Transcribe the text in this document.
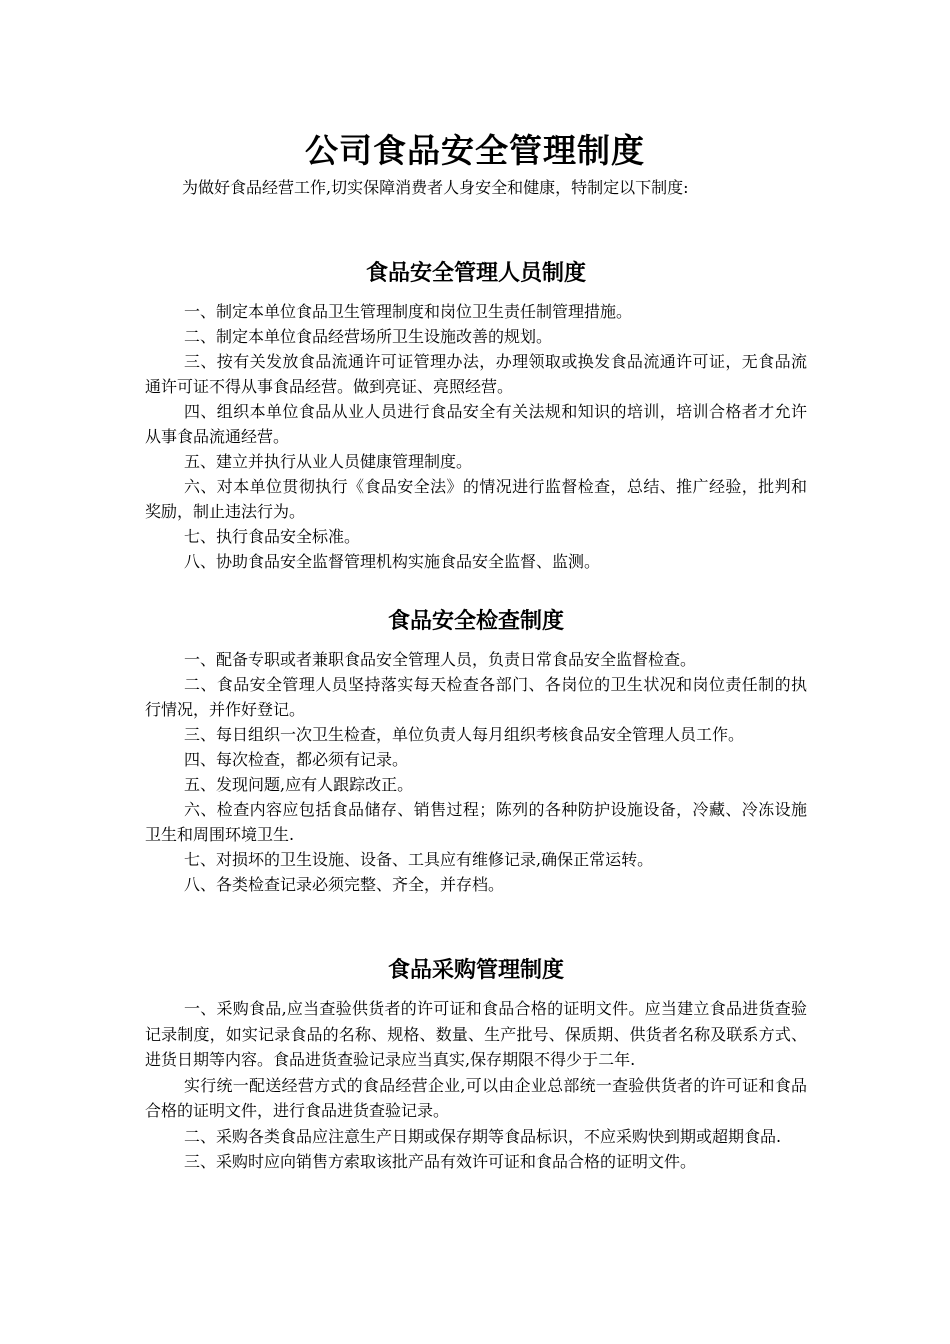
公司食品安全管理制度

为做好食品经营工作,切实保障消费者人身安全和健康，特制定以下制度:

食品安全管理人员制度
一、制定本单位食品卫生管理制度和岗位卫生责任制管理措施。
二、制定本单位食品经营场所卫生设施改善的规划。
三、按有关发放食品流通许可证管理办法，办理领取或换发食品流通许可证，无食品流通许可证不得从事食品经营。做到亮证、亮照经营。
四、组织本单位食品从业人员进行食品安全有关法规和知识的培训，培训合格者才允许从事食品流通经营。
五、建立并执行从业人员健康管理制度。
六、对本单位贯彻执行《食品安全法》的情况进行监督检查，总结、推广经验，批判和奖励，制止违法行为。
七、执行食品安全标准。
八、协助食品安全监督管理机构实施食品安全监督、监测。
食品安全检查制度
一、配备专职或者兼职食品安全管理人员，负责日常食品安全监督检查。
二、食品安全管理人员坚持落实每天检查各部门、各岗位的卫生状况和岗位责任制的执行情况，并作好登记。
三、每日组织一次卫生检查，单位负责人每月组织考核食品安全管理人员工作。
四、每次检查，都必须有记录。
五、发现问题,应有人跟踪改正。
六、检查内容应包括食品储存、销售过程；陈列的各种防护设施设备，冷藏、冷冻设施卫生和周围环境卫生.
七、对损坏的卫生设施、设备、工具应有维修记录,确保正常运转。
八、各类检查记录必须完整、齐全，并存档。
食品采购管理制度
一、采购食品,应当查验供货者的许可证和食品合格的证明文件。应当建立食品进货查验记录制度，如实记录食品的名称、规格、数量、生产批号、保质期、供货者名称及联系方式、进货日期等内容。食品进货查验记录应当真实,保存期限不得少于二年.
实行统一配送经营方式的食品经营企业,可以由企业总部统一查验供货者的许可证和食品合格的证明文件，进行食品进货查验记录。
二、采购各类食品应注意生产日期或保存期等食品标识，不应采购快到期或超期食品.
三、采购时应向销售方索取该批产品有效许可证和食品合格的证明文件。
